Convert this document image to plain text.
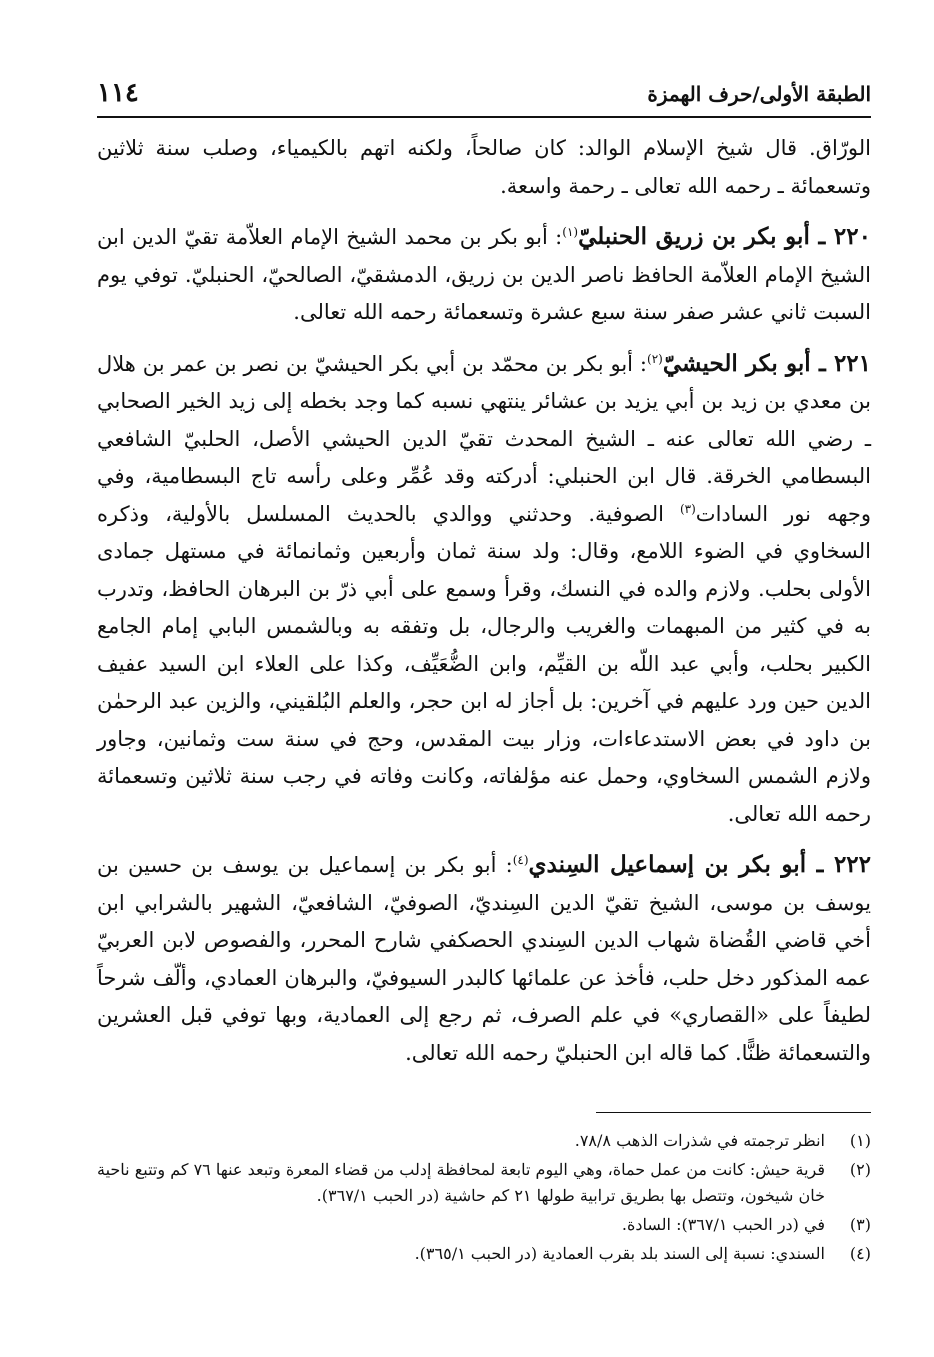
الطبقة الأولى/حرف الهمزة
١١٤

الورّاق. قال شيخ الإسلام الوالد: كان صالحاً، ولكنه اتهم بالكيمياء، وصلب سنة ثلاثين وتسعمائة ـ رحمه الله تعالى ـ رحمة واسعة.

٢٢٠ ـ أبو بكر بن زريق الحنبليّ$^{(١)}$: أبو بكر بن محمد الشيخ الإمام العلاّمة تقيّ الدين ابن الشيخ الإمام العلاّمة الحافظ ناصر الدين بن زريق، الدمشقيّ، الصالحيّ، الحنبليّ. توفي يوم السبت ثاني عشر صفر سنة سبع عشرة وتسعمائة رحمه الله تعالى.

٢٢١ ـ أبو بكر الحيشيّ$^{(٢)}$: أبو بكر بن محمّد بن أبي بكر الحيشيّ بن نصر بن عمر بن هلال بن معدي بن زيد بن أبي يزيد بن عشائر ينتهي نسبه كما وجد بخطه إلى زيد الخير الصحابي ـ رضي الله تعالى عنه ـ الشيخ المحدث تقيّ الدين الحيشي الأصل، الحلبيّ الشافعي البسطامي الخرقة. قال ابن الحنبلي: أدركته وقد عُمِّر وعلى رأسه تاج البسطامية، وفي وجهه نور السادات$^{(٣)}$ الصوفية. وحدثني ووالدي بالحديث المسلسل بالأولية، وذكره السخاوي في الضوء اللامع، وقال: ولد سنة ثمان وأربعين وثمانمائة في مستهل جمادى الأولى بحلب. ولازم والده في النسك، وقرأ وسمع على أبي ذرّ بن البرهان الحافظ، وتدرب به في كثير من المبهمات والغريب والرجال، بل وتفقه به وبالشمس البابي إمام الجامع الكبير بحلب، وأبي عبد اللّه بن القيِّم، وابن الضُّعَيِّف، وكذا على العلاء ابن السيد عفيف الدين حين ورد عليهم في آخرين: بل أجاز له ابن حجر، والعلم البُلقيني، والزين عبد الرحمٰن بن داود في بعض الاستدعاءات، وزار بيت المقدس، وحج في سنة ست وثمانين، وجاور ولازم الشمس السخاوي، وحمل عنه مؤلفاته، وكانت وفاته في رجب سنة ثلاثين وتسعمائة رحمه الله تعالى.

٢٢٢ ـ أبو بكر بن إسماعيل السِندي$^{(٤)}$: أبو بكر بن إسماعيل بن يوسف بن حسين بن يوسف بن موسى، الشيخ تقيّ الدين السِنديّ، الصوفيّ، الشافعيّ، الشهير بالشرابي ابن أخي قاضي القُضاة شهاب الدين السِندي الحصكفي شارح المحرر، والفصوص لابن العربيّ عمه المذكور دخل حلب، فأخذ عن علمائها كالبدر السيوفيّ، والبرهان العمادي، وألّف شرحاً لطيفاً على «القصاري» في علم الصرف، ثم رجع إلى العمادية، وبها توفي قبل العشرين والتسعمائة ظنًّا. كما قاله ابن الحنبليّ رحمه الله تعالى.

(١)
انظر ترجمته في شذرات الذهب ٧٨/٨.
(٢)
قرية حيش: كانت من عمل حماة، وهي اليوم تابعة لمحافظة إدلب من قضاء المعرة وتبعد عنها ٧٦ كم وتتبع ناحية خان شيخون، وتتصل بها بطريق ترابية طولها ٢١ كم حاشية (در الحبب ٣٦٧/١).
(٣)
في (در الحبب ٣٦٧/١): السادة.
(٤)
السندي: نسبة إلى السند بلد بقرب العمادية (در الحبب ٣٦٥/١).
